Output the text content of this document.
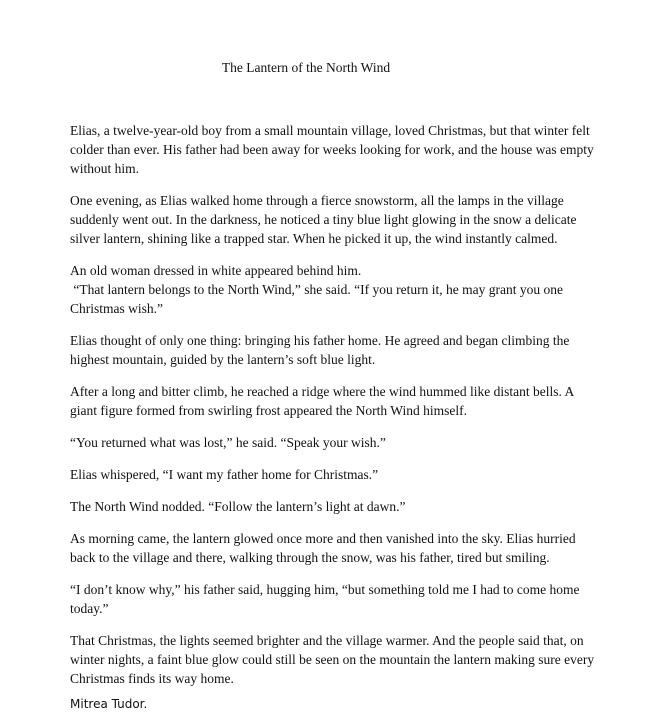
The Lantern of the North Wind

Elias, a twelve-year-old boy from a small mountain village, loved Christmas, but that winter felt
colder than ever. His father had been away for weeks looking for work, and the house was empty
without him.

One evening, as Elias walked home through a fierce snowstorm, all the lamps in the village
suddenly went out. In the darkness, he noticed a tiny blue light glowing in the snow a delicate
silver lantern, shining like a trapped star. When he picked it up, the wind instantly calmed.

An old woman dressed in white appeared behind him.
“That lantern belongs to the North Wind,” she said. “If you return it, he may grant you one
Christmas wish.”

Elias thought of only one thing: bringing his father home. He agreed and began climbing the
highest mountain, guided by the lantern’s soft blue light.

After a long and bitter climb, he reached a ridge where the wind hummed like distant bells. A
giant figure formed from swirling frost appeared the North Wind himself.

“You returned what was lost,” he said. “Speak your wish.”

Elias whispered, “I want my father home for Christmas.”

The North Wind nodded. “Follow the lantern’s light at dawn.”

As morning came, the lantern glowed once more and then vanished into the sky. Elias hurried
back to the village and there, walking through the snow, was his father, tired but smiling.

“I don’t know why,” his father said, hugging him, “but something told me I had to come home
today.”

That Christmas, the lights seemed brighter and the village warmer. And the people said that, on
winter nights, a faint blue glow could still be seen on the mountain the lantern making sure every
Christmas finds its way home.

Mitrea Tudor.
